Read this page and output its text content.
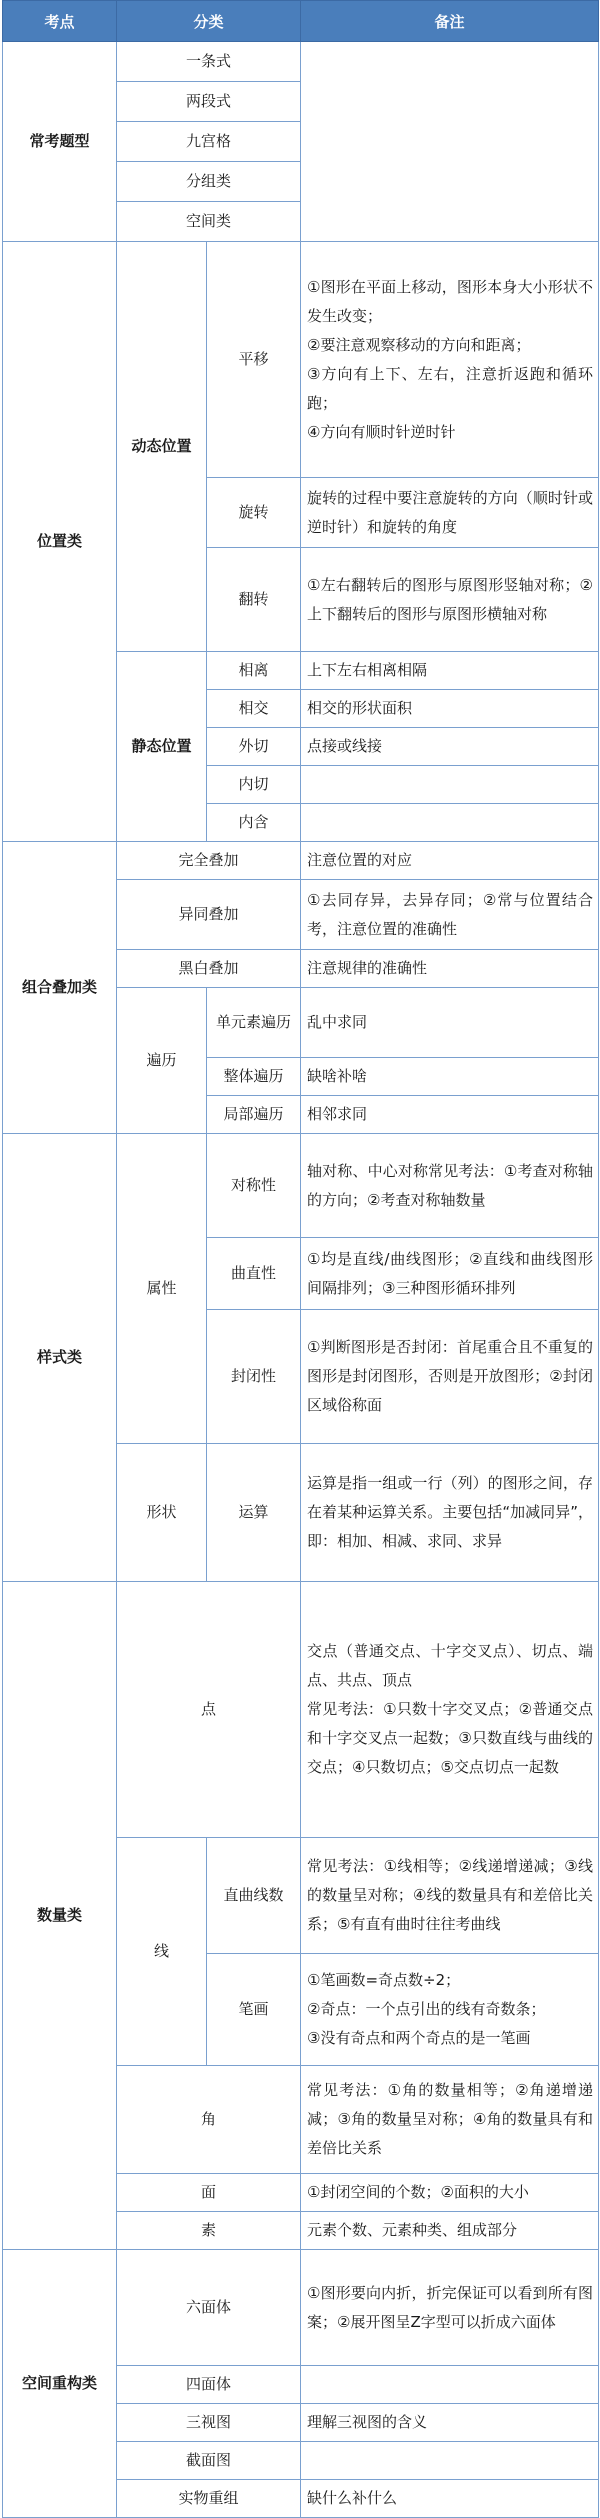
考点	分类		备注
常考题型	一条式		
	两段式		
	九宫格		
	分组类		
	空间类		
位置类	动态位置	平移	①图形在平面上移动，图形本身大小形状不发生改变；
②要注意观察移动的方向和距离；
③方向有上下、左右，注意折返跑和循环跑；
④方向有顺时针逆时针

		旋转	旋转的过程中要注意旋转的方向（顺时针或逆时针）和旋转的角度
		翻转	①左右翻转后的图形与原图形竖轴对称；②上下翻转后的图形与原图形横轴对称
	静态位置	相离	上下左右相离相隔
		相交	相交的形状面积
		外切	点接或线接
		内切	
		内含	
组合叠加类	完全叠加		注意位置的对应
	异同叠加		①去同存异，去异存同；②常与位置结合考，注意位置的准确性
	黑白叠加		注意规律的准确性
	遍历	单元素遍历	乱中求同
		整体遍历	缺啥补啥
		局部遍历	相邻求同
样式类	属性	对称性	轴对称、中心对称常见考法：①考查对称轴的方向；②考查对称轴数量
		曲直性	①均是直线/曲线图形；②直线和曲线图形间隔排列；③三种图形循环排列
		封闭性	①判断图形是否封闭：首尾重合且不重复的图形是封闭图形，否则是开放图形；②封闭区域俗称面
	形状	运算	运算是指一组或一行（列）的图形之间，存在着某种运算关系。主要包括“加减同异”，即：相加、相减、求同、求异
数量类	点		交点（普通交点、十字交叉点）、切点、端点、共点、顶点
常见考法：①只数十字交叉点；②普通交点和十字交叉点一起数；③只数直线与曲线的交点；④只数切点；⑤交点切点一起数

	线	直曲线数	常见考法：①线相等；②线递增递减；③线的数量呈对称；④线的数量具有和差倍比关系；⑤有直有曲时往往考曲线
		笔画	①笔画数=奇点数÷2；
②奇点：一个点引出的线有奇数条；
③没有奇点和两个奇点的是一笔画

	角		常见考法：①角的数量相等；②角递增递减；③角的数量呈对称；④角的数量具有和差倍比关系
	面		①封闭空间的个数；②面积的大小
	素		元素个数、元素种类、组成部分
空间重构类	六面体		①图形要向内折，折完保证可以看到所有图案；②展开图呈Z字型可以折成六面体
	四面体		
	三视图		理解三视图的含义
	截面图		
	实物重组		缺什么补什么
